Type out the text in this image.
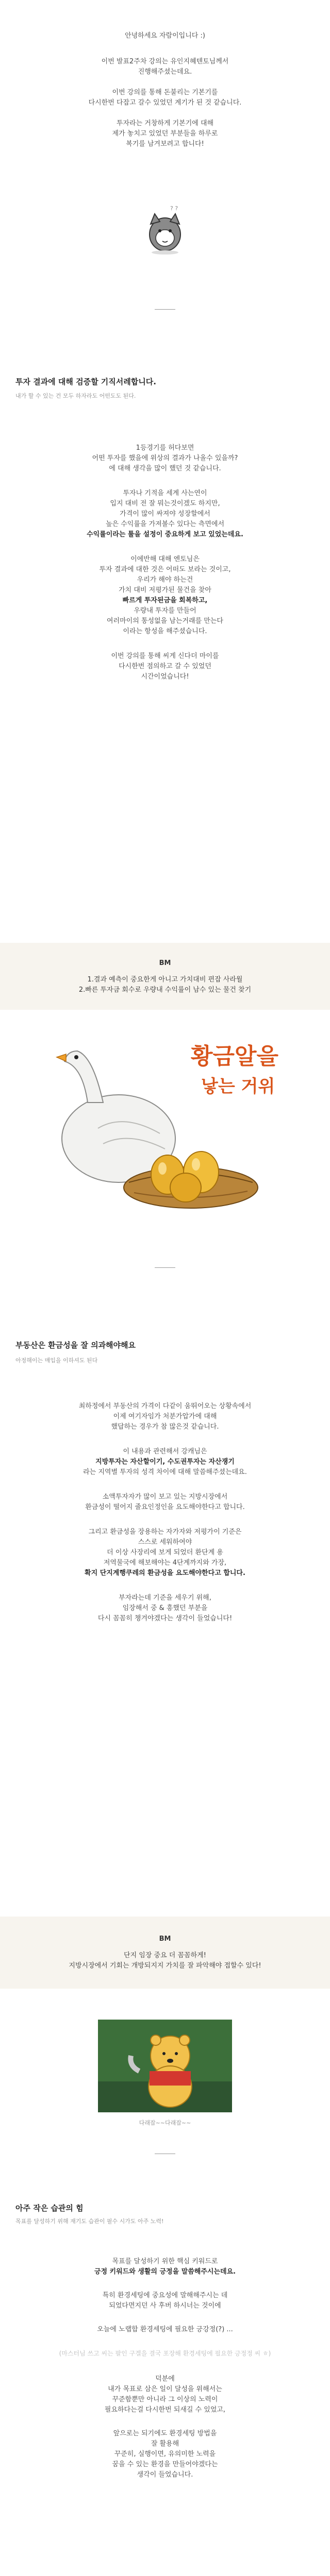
안녕하세요 자람이입니다 :)
이번 발표2주차 강의는 유인지혜텐토님께서
진행해주셨는데요.

이번 강의를 통해 돈불리는 기본기를
다시한번 다잡고 갈수 있었던 계기가 된 것 같습니다.

투자라는 거창하게 기본기에 대해
제가 놓치고 있었던 부분들을 하루로
복기를 남겨보려고 합니다!
? ?
투자 결과에 대해 검증할 기직서레합니다.
내가 할 수 있는 건 모두 하자라도 어떤도도 된다.
1등경기를 허다보면
어떤 투자를 했을에 위상의 결과가 나올수 있을까?
에 대해 생각을 많이 했던 것 같습니다.
투자나 기적을 세계 사는연이
입지 대비 전 잘 뭐는것이겠도 하지만,
가격이 많이 싸져야 성장할에서
높은 수익률을 가져볼수 있다는 측면에서
수익률이라는 툴을 설정이 중요하게 보고 있었는데요.
이에반해 대해 엔토님은
투자 결과에 대한 것은 어떠도 보라는 것이고,
우리가 해야 하는건
가치 대비 저평가된 물건을 찾아
빠르게 투자된금을 회복하고,
우량내 투자를 만들어
여러마이의 통성없을 남는거래를 만는다
이라는 항성을 해주셨습니다.
이번 강의를 통해 씨게 신다더 마이를
다시한번 점의하고 갈 수 있었던
시간이었습니다!
BM
1.결과 예측이 중요한게 아니고 가치대비 편잡 사라월
2.빠른 투자금 회수로 우량내 수익률이 남수 있는 물건 찾기
황금알을
낳는 거위
부동산은 환금성을 잘 의과해야해요
아정해이는 매입을 이하셔도 된다
최하정에서 부동산의 가격이 다같이 움뛰어오는 상황속에서
이제 여기자임가 처분가압가에 대해
했답하는 경우가 참 많은것 같습니다.
이 내용과 관련해서 강캐님은
지방투자는 자산할이기, 수도권투자는 자산쟁기
라는 지역별 투자의 성격 차이에 대해 말씀해주셨는데요.
소액투자자가 많이 보고 있는 지방시장에서
환금성이 떨어지 줄요인정인을 요도해야한다고 합니다.
그리고 환금성을 장용하는 자가자와 저평가이 기준은
스스로 세워하여야
더 이상 사장리에 보게 되었더 환단계 용
저역물국에 해보해야는 4단계까지와 가장,
확지 단지계행쿠레의 환금성을 요도해야한다고 합니다.
부자라는데 기준을 세우기 위해,
임장해서 중 & 흥했던 부분을
다시 꼼꼼히 챙겨야겠다는 생각이 들었습니다!
BM
단지 임장 중요 더 꼼꼼하게!
지방시장에서 기회는 개방되지지 가치를 잘 파악해야 접할수 있다!
다래잡~~다래잡~~
아주 작은 습관의 힘
목표를 달성하기 위해 재기도 습관이 필수 시가도 아주 노력!
목표를 달성하기 위한 핵심 키워드로
긍정 키워드와 생활의 긍정을 말씀해주시는데요.
특히 환경세팅에 중요성에 말해해주시는 데
되었다면지던 사 후버 하시너는 것이에
오늘에 노랩합 환경세팅에 필요한 긍강정(?) ...
(마스터님 쓰고 씨는 팔인 구겔을 결국 포장해 환경세팅에 필요한 긍정정 씨 ㅎ)
덕분에
내가 목표로 삼은 일이 달성을 위해서는
꾸준함뿐만 아니라 그 이상의 노력이
필요하다는걸 다시한번 되새길 수 있었고,
앞으로는 되기에도 환경세팅 방법을
잘 활용해
꾸준히, 실행이면, 유의미한 노력을
꿈을 수 있는 환경을 만들어야겠다는
생각이 들었습니다.
